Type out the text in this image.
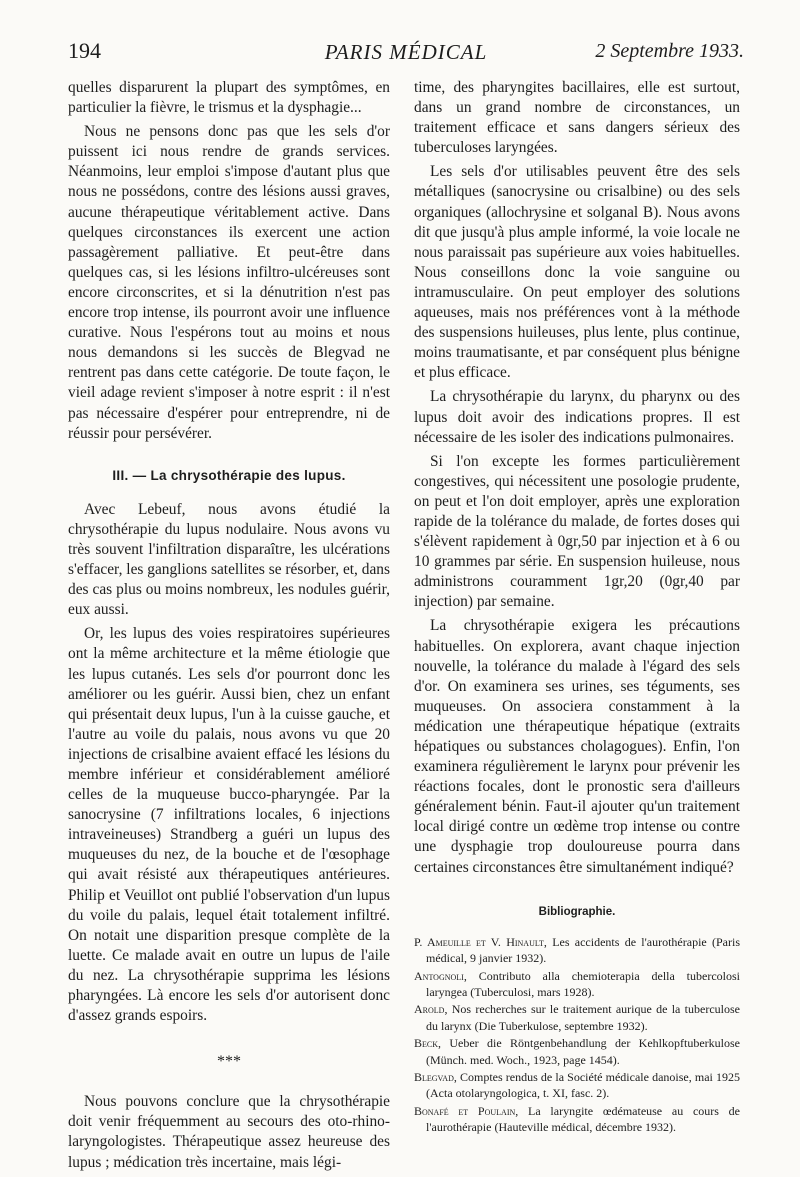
194	PARIS MÉDICAL	2 Septembre 1933.

quelles disparurent la plupart des symptômes, en particulier la fièvre, le trismus et la dysphagie...

Nous ne pensons donc pas que les sels d'or puissent ici nous rendre de grands services. Néanmoins, leur emploi s'impose d'autant plus que nous ne possédons, contre des lésions aussi graves, aucune thérapeutique véritablement active. Dans quelques circonstances ils exercent une action passagèrement palliative. Et peut-être dans quelques cas, si les lésions infiltro-ulcéreuses sont encore circonscrites, et si la dénutrition n'est pas encore trop intense, ils pourront avoir une influence curative. Nous l'espérons tout au moins et nous nous demandons si les succès de Blegvad ne rentrent pas dans cette catégorie. De toute façon, le vieil adage revient s'imposer à notre esprit : il n'est pas nécessaire d'espérer pour entreprendre, ni de réussir pour persévérer.

III. — La chrysothérapie des lupus.

Avec Lebeuf, nous avons étudié la chrysothérapie du lupus nodulaire. Nous avons vu très souvent l'infiltration disparaître, les ulcérations s'effacer, les ganglions satellites se résorber, et, dans des cas plus ou moins nombreux, les nodules guérir, eux aussi.

Or, les lupus des voies respiratoires supérieures ont la même architecture et la même étiologie que les lupus cutanés. Les sels d'or pourront donc les améliorer ou les guérir. Aussi bien, chez un enfant qui présentait deux lupus, l'un à la cuisse gauche, et l'autre au voile du palais, nous avons vu que 20 injections de crisalbine avaient effacé les lésions du membre inférieur et considérablement amélioré celles de la muqueuse bucco-pharyngée. Par la sanocrysine (7 infiltrations locales, 6 injections intraveineuses) Strandberg a guéri un lupus des muqueuses du nez, de la bouche et de l'œsophage qui avait résisté aux thérapeutiques antérieures. Philip et Veuillot ont publié l'observation d'un lupus du voile du palais, lequel était totalement infiltré. On notait une disparition presque complète de la luette. Ce malade avait en outre un lupus de l'aile du nez. La chrysothérapie supprima les lésions pharyngées. Là encore les sels d'or autorisent donc d'assez grands espoirs.

***

Nous pouvons conclure que la chrysothérapie doit venir fréquemment au secours des oto-rhino-laryngologistes. Thérapeutique assez heureuse des lupus ; médication très incertaine, mais légi-

time, des pharyngites bacillaires, elle est surtout, dans un grand nombre de circonstances, un traitement efficace et sans dangers sérieux des tuberculoses laryngées.

Les sels d'or utilisables peuvent être des sels métalliques (sanocrysine ou crisalbine) ou des sels organiques (allochrysine et solganal B). Nous avons dit que jusqu'à plus ample informé, la voie locale ne nous paraissait pas supérieure aux voies habituelles. Nous conseillons donc la voie sanguine ou intramusculaire. On peut employer des solutions aqueuses, mais nos préférences vont à la méthode des suspensions huileuses, plus lente, plus continue, moins traumatisante, et par conséquent plus bénigne et plus efficace.

La chrysothérapie du larynx, du pharynx ou des lupus doit avoir des indications propres. Il est nécessaire de les isoler des indications pulmonaires.

Si l'on excepte les formes particulièrement congestives, qui nécessitent une posologie prudente, on peut et l'on doit employer, après une exploration rapide de la tolérance du malade, de fortes doses qui s'élèvent rapidement à 0gr,50 par injection et à 6 ou 10 grammes par série. En suspension huileuse, nous administrons couramment 1gr,20 (0gr,40 par injection) par semaine.

La chrysothérapie exigera les précautions habituelles. On explorera, avant chaque injection nouvelle, la tolérance du malade à l'égard des sels d'or. On examinera ses urines, ses téguments, ses muqueuses. On associera constamment à la médication une thérapeutique hépatique (extraits hépatiques ou substances cholagogues). Enfin, l'on examinera régulièrement le larynx pour prévenir les réactions focales, dont le pronostic sera d'ailleurs généralement bénin. Faut-il ajouter qu'un traitement local dirigé contre un œdème trop intense ou contre une dysphagie trop douloureuse pourra dans certaines circonstances être simultanément indiqué?

Bibliographie.
P. Ameuille et V. Hinault, Les accidents de l'aurothérapie (Paris médical, 9 janvier 1932).
Antognoli, Contributo alla chemioterapia della tubercolosi laryngea (Tuberculosi, mars 1928).
Arold, Nos recherches sur le traitement aurique de la tuberculose du larynx (Die Tuberkulose, septembre 1932).
Beck, Ueber die Röntgenbehandlung der Kehlkopftuberkulose (Münch. med. Woch., 1923, page 1454).
Blegvad, Comptes rendus de la Société médicale danoise, mai 1925 (Acta otolaryngologica, t. XI, fasc. 2).
Bonafé et Poulain, La laryngite œdémateuse au cours de l'aurothérapie (Hauteville médical, décembre 1932).
